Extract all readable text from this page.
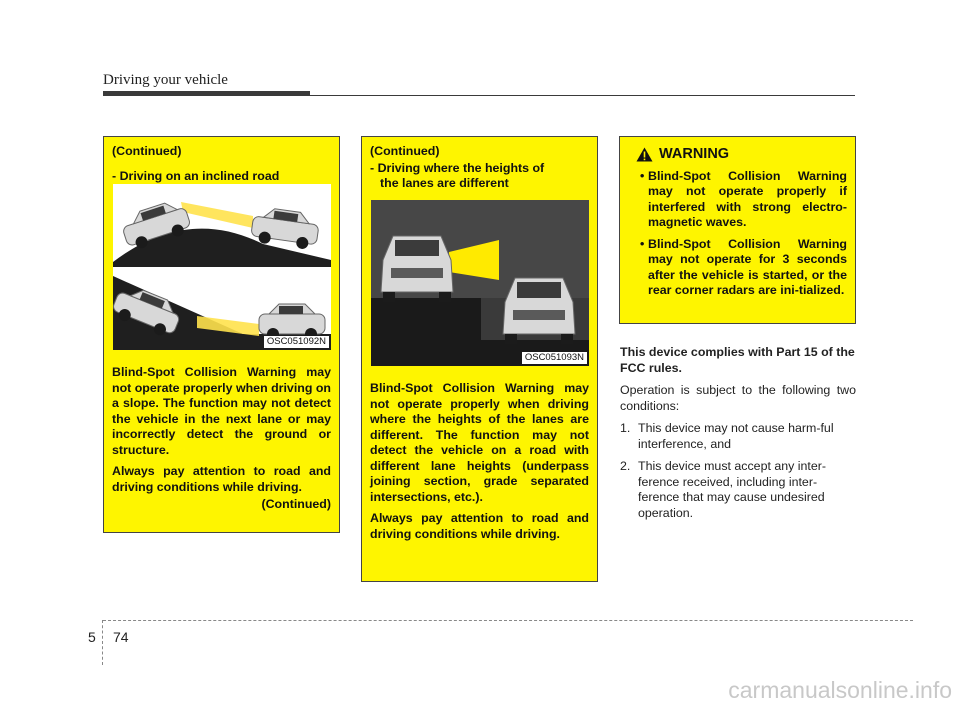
Driving your vehicle

(Continued)

- Driving on an inclined road

OSC051092N

Blind-Spot Collision Warning may not operate properly when driving on a slope. The function may not detect the vehicle in the next lane or may incorrectly detect the ground or structure.

Always pay attention to road and driving conditions while driving.

(Continued)

(Continued)

- Driving where the heights of

the lanes are different

OSC051093N

Blind-Spot Collision Warning may not operate properly when driving where the heights of the lanes are different. The function may not detect the vehicle on a road with different lane heights (underpass joining section, grade separated intersections, etc.).

Always pay attention to road and driving conditions while driving.

WARNING
• Blind-Spot Collision Warning may not operate properly if interfered with strong electro-magnetic waves.
• Blind-Spot Collision Warning may not operate for 3 seconds after the vehicle is started, or the rear corner radars are ini-tialized.

This device complies with Part 15 of the FCC rules.

Operation is subject to the following two conditions:

1. This device may not cause harm-ful interference, and
2. This device must accept any inter-ference received, including inter-ference that may cause undesired operation.
5 74
carmanualsonline.info
